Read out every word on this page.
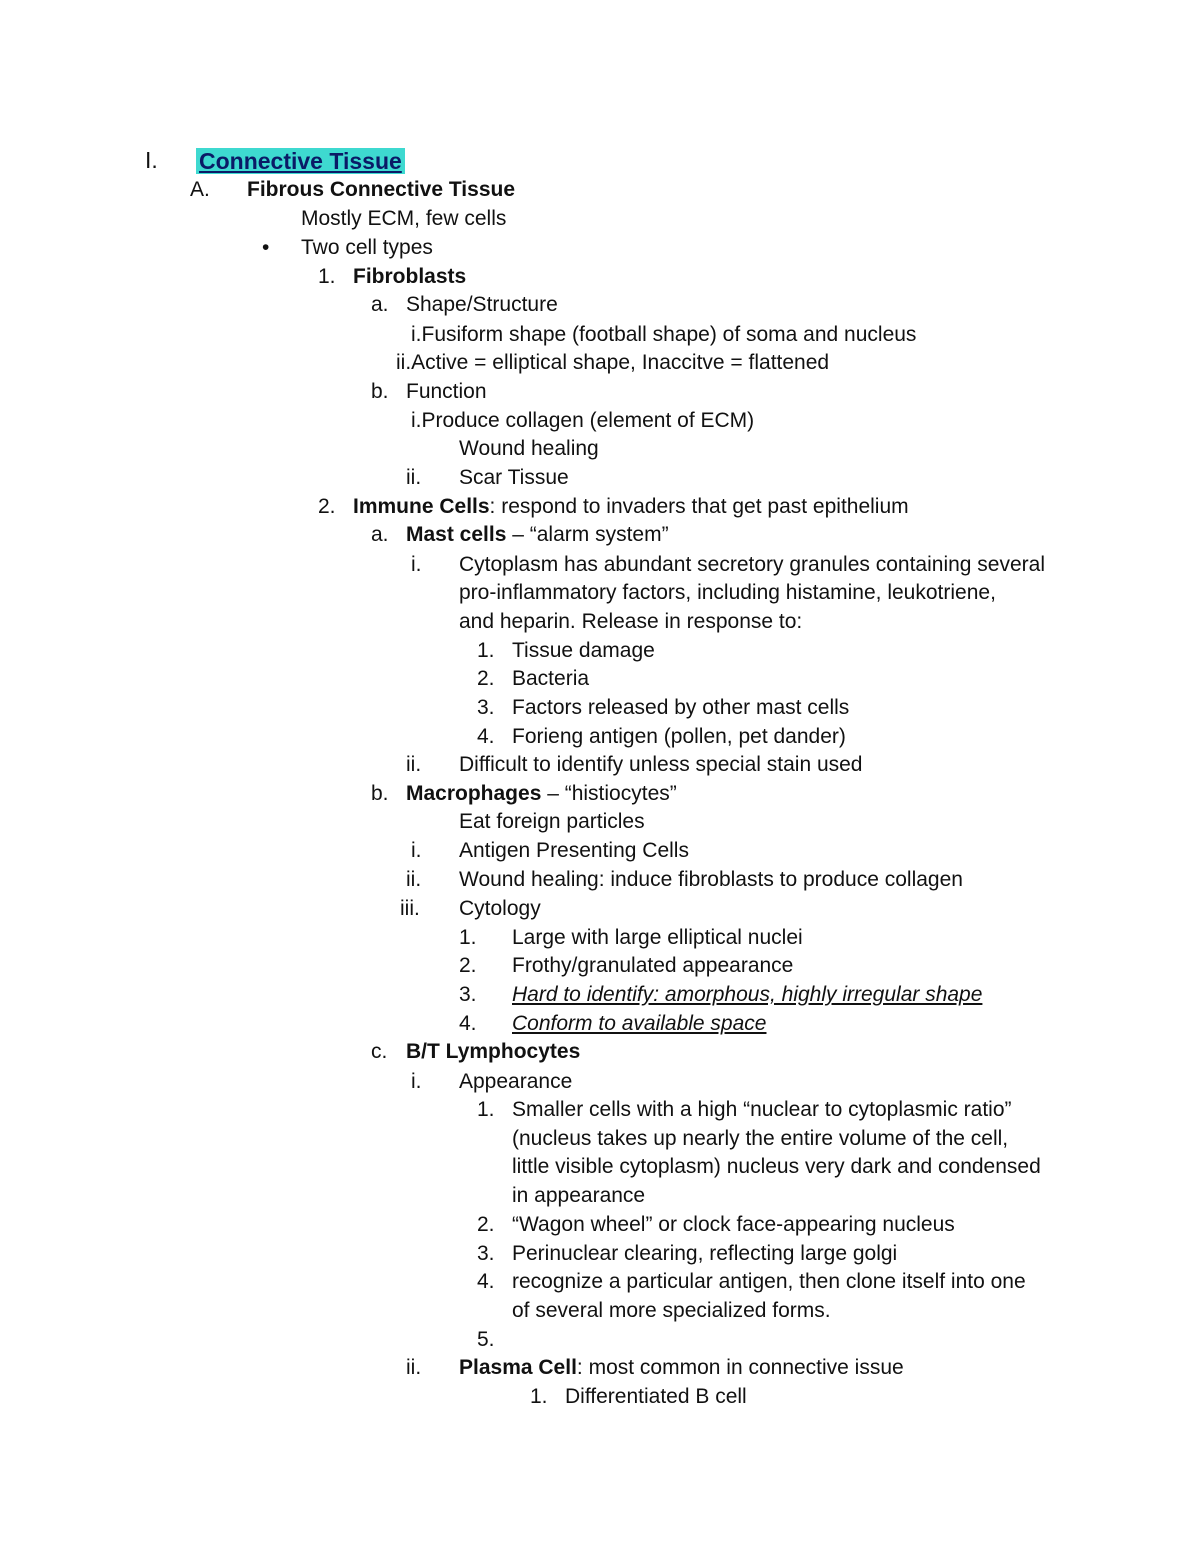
I. Connective Tissue
A. Fibrous Connective Tissue
Mostly ECM, few cells
• Two cell types
1. Fibroblasts
a. Shape/Structure
i.Fusiform shape (football shape) of soma and nucleus
ii.Active = elliptical shape, Inaccitve = flattened
b. Function
i.Produce collagen (element of ECM)
Wound healing
ii. Scar Tissue
2. Immune Cells: respond to invaders that get past epithelium
a. Mast cells – “alarm system”
i. Cytoplasm has abundant secretory granules containing several
pro-inflammatory factors, including histamine, leukotriene,
and heparin. Release in response to:
1. Tissue damage
2. Bacteria
3. Factors released by other mast cells
4. Forieng antigen (pollen, pet dander)
ii. Difficult to identify unless special stain used
b. Macrophages – “histiocytes”
Eat foreign particles
i. Antigen Presenting Cells
ii. Wound healing: induce fibroblasts to produce collagen
iii. Cytology
1. Large with large elliptical nuclei
2. Frothy/granulated appearance
3. Hard to identify: amorphous, highly irregular shape
4. Conform to available space
c. B/T Lymphocytes
i. Appearance
1. Smaller cells with a high “nuclear to cytoplasmic ratio”
(nucleus takes up nearly the entire volume of the cell,
little visible cytoplasm) nucleus very dark and condensed
in appearance
2. “Wagon wheel” or clock face-appearing nucleus
3. Perinuclear clearing, reflecting large golgi
4. recognize a particular antigen, then clone itself into one
of several more specialized forms.
5.
ii. Plasma Cell: most common in connective issue
1. Differentiated B cell
